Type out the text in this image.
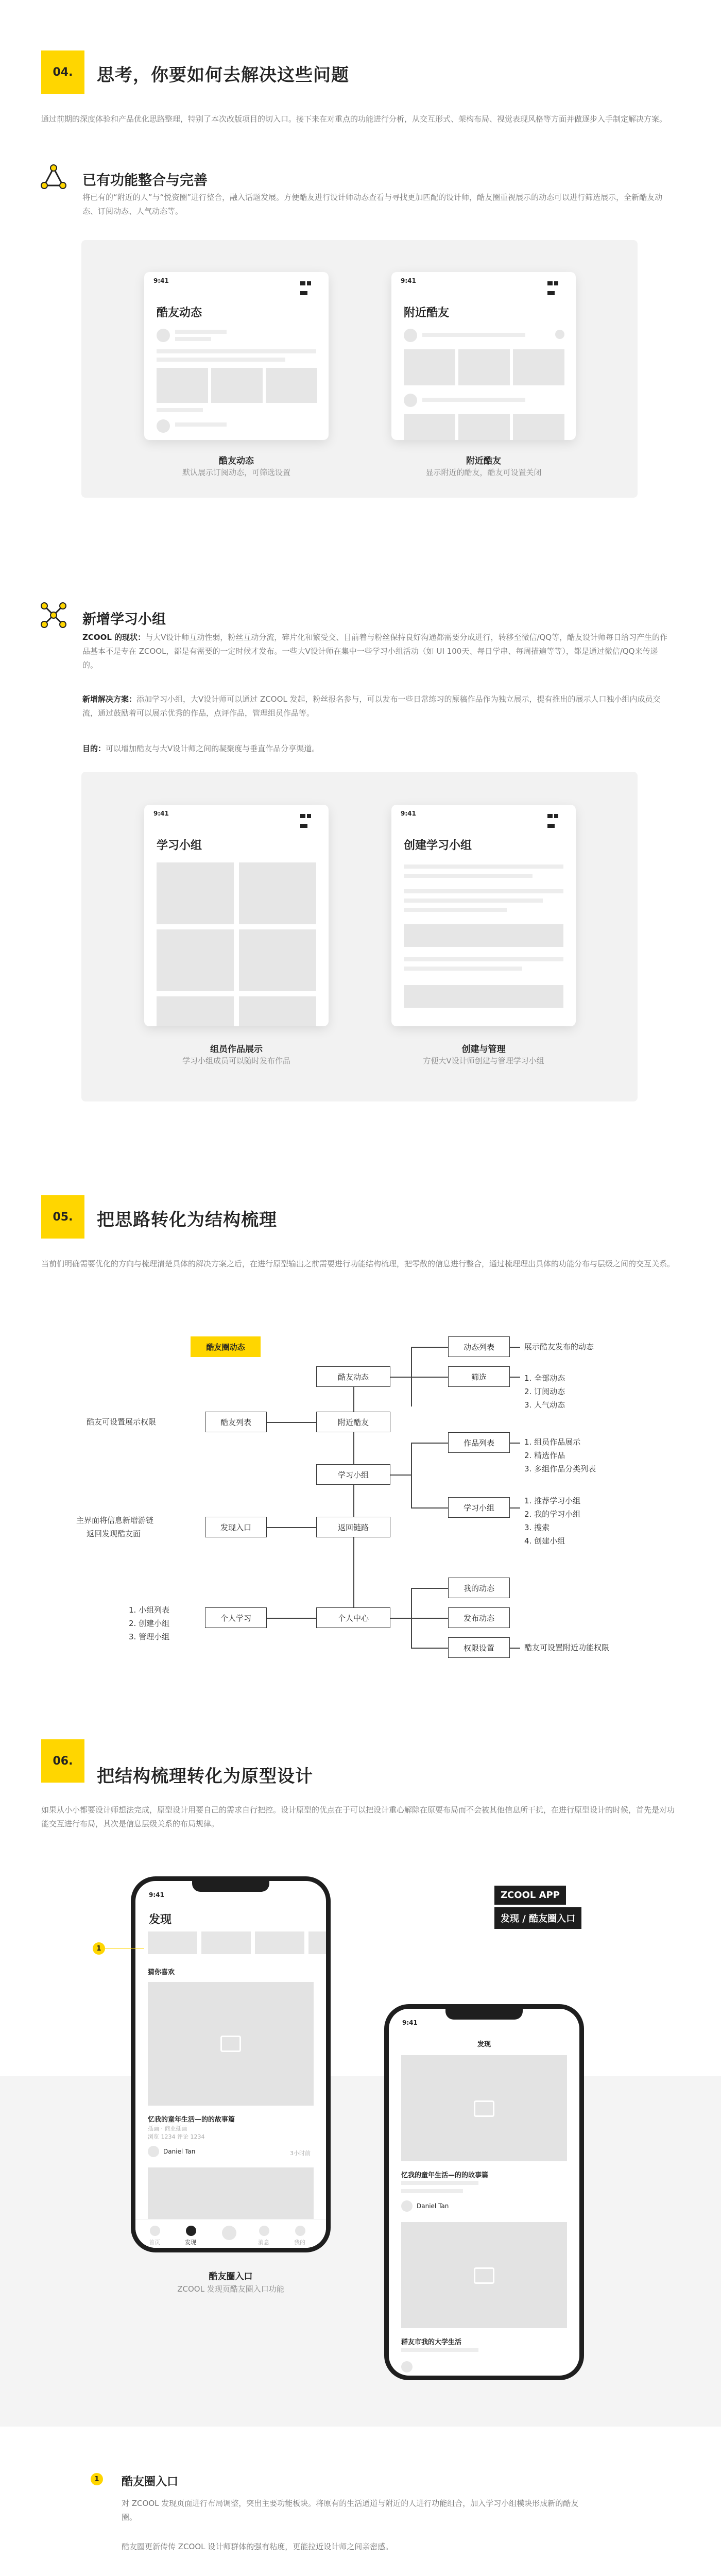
04.	思考，你要如何去解决这些问题
通过前期的深度体验和产品优化思路整理，特别了本次改版项目的切入口。接下来在对重点的功能进行分析，从交互形式、架构布局、视觉表现风格等方面并做逐步入手制定解决方案。
已有功能整合与完善
将已有的“附近的人”与“悦资圈”进行整合，融入话题发展。方便酷友进行设计师动态查看与寻找更加匹配的设计师，酷友圈重视展示的动态可以进行筛选展示，全新酷友动态、订阅动态、人气动态等。
9:41
酷友动态
酷友动态
默认展示订阅动态，可筛选设置
9:41
附近酷友
附近酷友
显示附近的酷友，酷友可设置关闭
新增学习小组
ZCOOL 的现状：与大V设计师互动性弱，粉丝互动分流，碎片化和繁受交、目前着与粉丝保持良好沟通都需要分成进行，转移至微信/QQ等，酷友设计师每日给习产生的作品基本不是专在 ZCOOL，都是有需要的一定时候才发布。一些大V设计师在集中一些学习小组活动（如 UI 100天、每日学串、每周描遍等等），都是通过微信/QQ来传递的。
新增解决方案：添加学习小组，大V设计师可以通过 ZCOOL 发起，粉丝报名参与，可以发布一些日常练习的原稿作品作为独立展示，提有推出的展示人口独小组内成员交流，通过鼓励着可以展示优秀的作品，点评作品，管理组员作品等。
目的：可以增加酷友与大V设计师之间的凝聚度与垂直作品分享渠道。
9:41
学习小组
组员作品展示
学习小组成员可以随时发布作品
9:41
创建学习小组
创建与管理
方便大V设计师创建与管理学习小组
05.	把思路转化为结构梳理
当前们明确需要优化的方向与梳理清楚具体的解决方案之后，在进行原型输出之前需要进行功能结构梳理，把零散的信息进行整合，通过梳理理出具体的功能分布与层级之间的交互关系。
酷友圈动态
酷友动态
附近酷友
学习小组
返回链路
个人中心
酷友可设置展示权限	酷友列表
主界面将信息新增游链
返回发现酷友面
发现入口
1. 小组列表
2. 创建小组
3. 管理小组
个人学习
动态列表
筛选
展示酷友发布的动态
1. 全部动态
2. 订阅动态
3. 人气动态
作品列表
学习小组
1. 组员作品展示
2. 精选作品
3. 多组作品分类列表
1. 推荐学习小组
2. 我的学习小组
3. 搜索
4. 创建小组
我的动态
发布动态
权限设置	酷友可设置附近功能权限
06.
把结构梳理转化为原型设计
如果从小小都要设计师想法完成，原型设计用要自己的需求自行把控。设计原型的优点在于可以把设计重心解除在原要布局而不会被其他信息所干扰，在进行原型设计的时候，首先是对功能交互进行布局，其次是信息层级关系的布局规律。
ZCOOL APP
发现 / 酷友圈入口
9:41
发现
猜你喜欢
忆我的童年生活—的的故事篇
插画 · 商业插画
浏览 1234 评论 1234
Daniel Tan	3小时前
首页	发现	消息	我的
1
酷友圈入口
ZCOOL 发现页酷友圈入口功能
9:41
发现
忆我的童年生活—的的故事篇
Daniel Tan
群友市我的大学生活
1	酷友圈入口
对 ZCOOL 发现页面进行布局调整，突出主要功能板块。将原有的生活通道与附近的人进行功能组合，加入学习小组模块形成新的酷友圈。
酷友圈更新传传 ZCOOL 设计师群体的强有粘度，更能拉近设计师之间亲密感。
